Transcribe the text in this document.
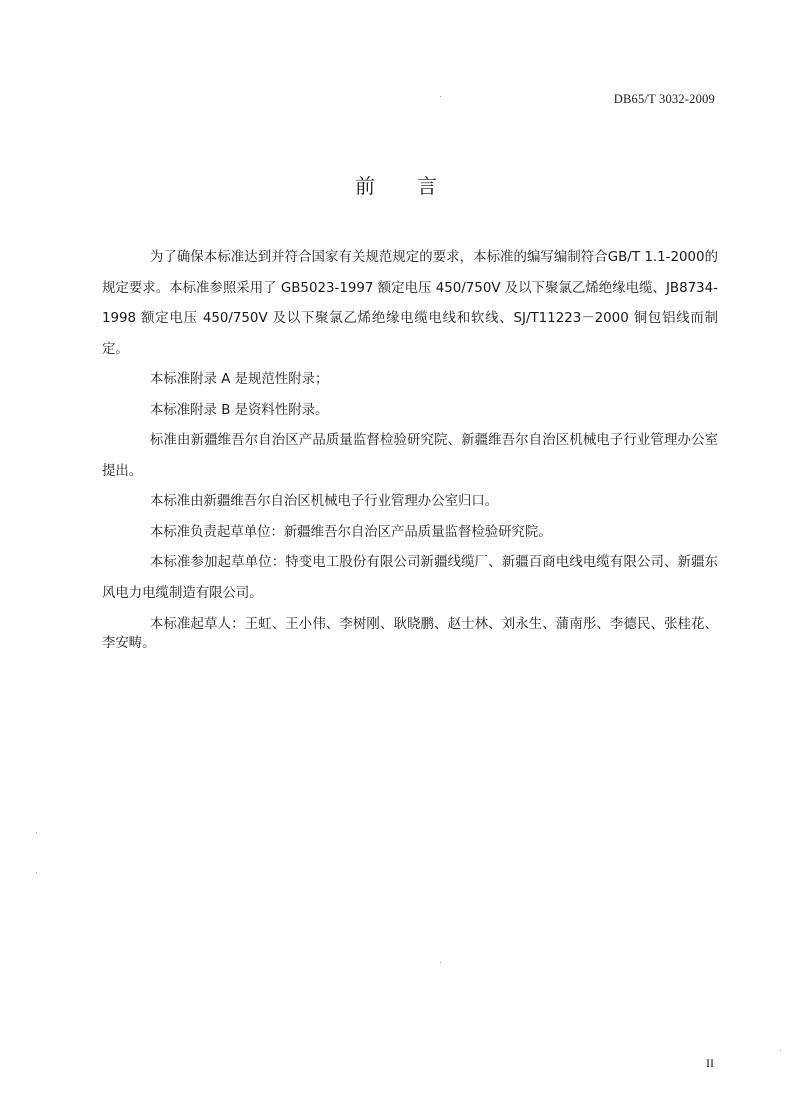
DB65/T 3032-2009
前言

为了确保本标准达到并符合国家有关规范规定的要求，本标准的编写编制符合GB/T 1.1-2000的规定要求。本标准参照采用了 GB5023-1997 额定电压 450/750V 及以下聚氯乙烯绝缘电缆、JB8734-1998 额定电压 450/750V 及以下聚氯乙烯绝缘电缆电线和软线、SJ/T11223－2000 铜包铝线而制定。

本标准附录 A 是规范性附录；

本标准附录 B 是资料性附录。

标准由新疆维吾尔自治区产品质量监督检验研究院、新疆维吾尔自治区机械电子行业管理办公室提出。

本标准由新疆维吾尔自治区机械电子行业管理办公室归口。

本标准负责起草单位：新疆维吾尔自治区产品质量监督检验研究院。

本标准参加起草单位：特变电工股份有限公司新疆线缆厂、新疆百商电线电缆有限公司、新疆东风电力电缆制造有限公司。

本标准起草人：王虹、王小伟、李树刚、耿晓鹏、赵士林、刘永生、蒲南彤、李德民、张桂花、李安畴。

II
